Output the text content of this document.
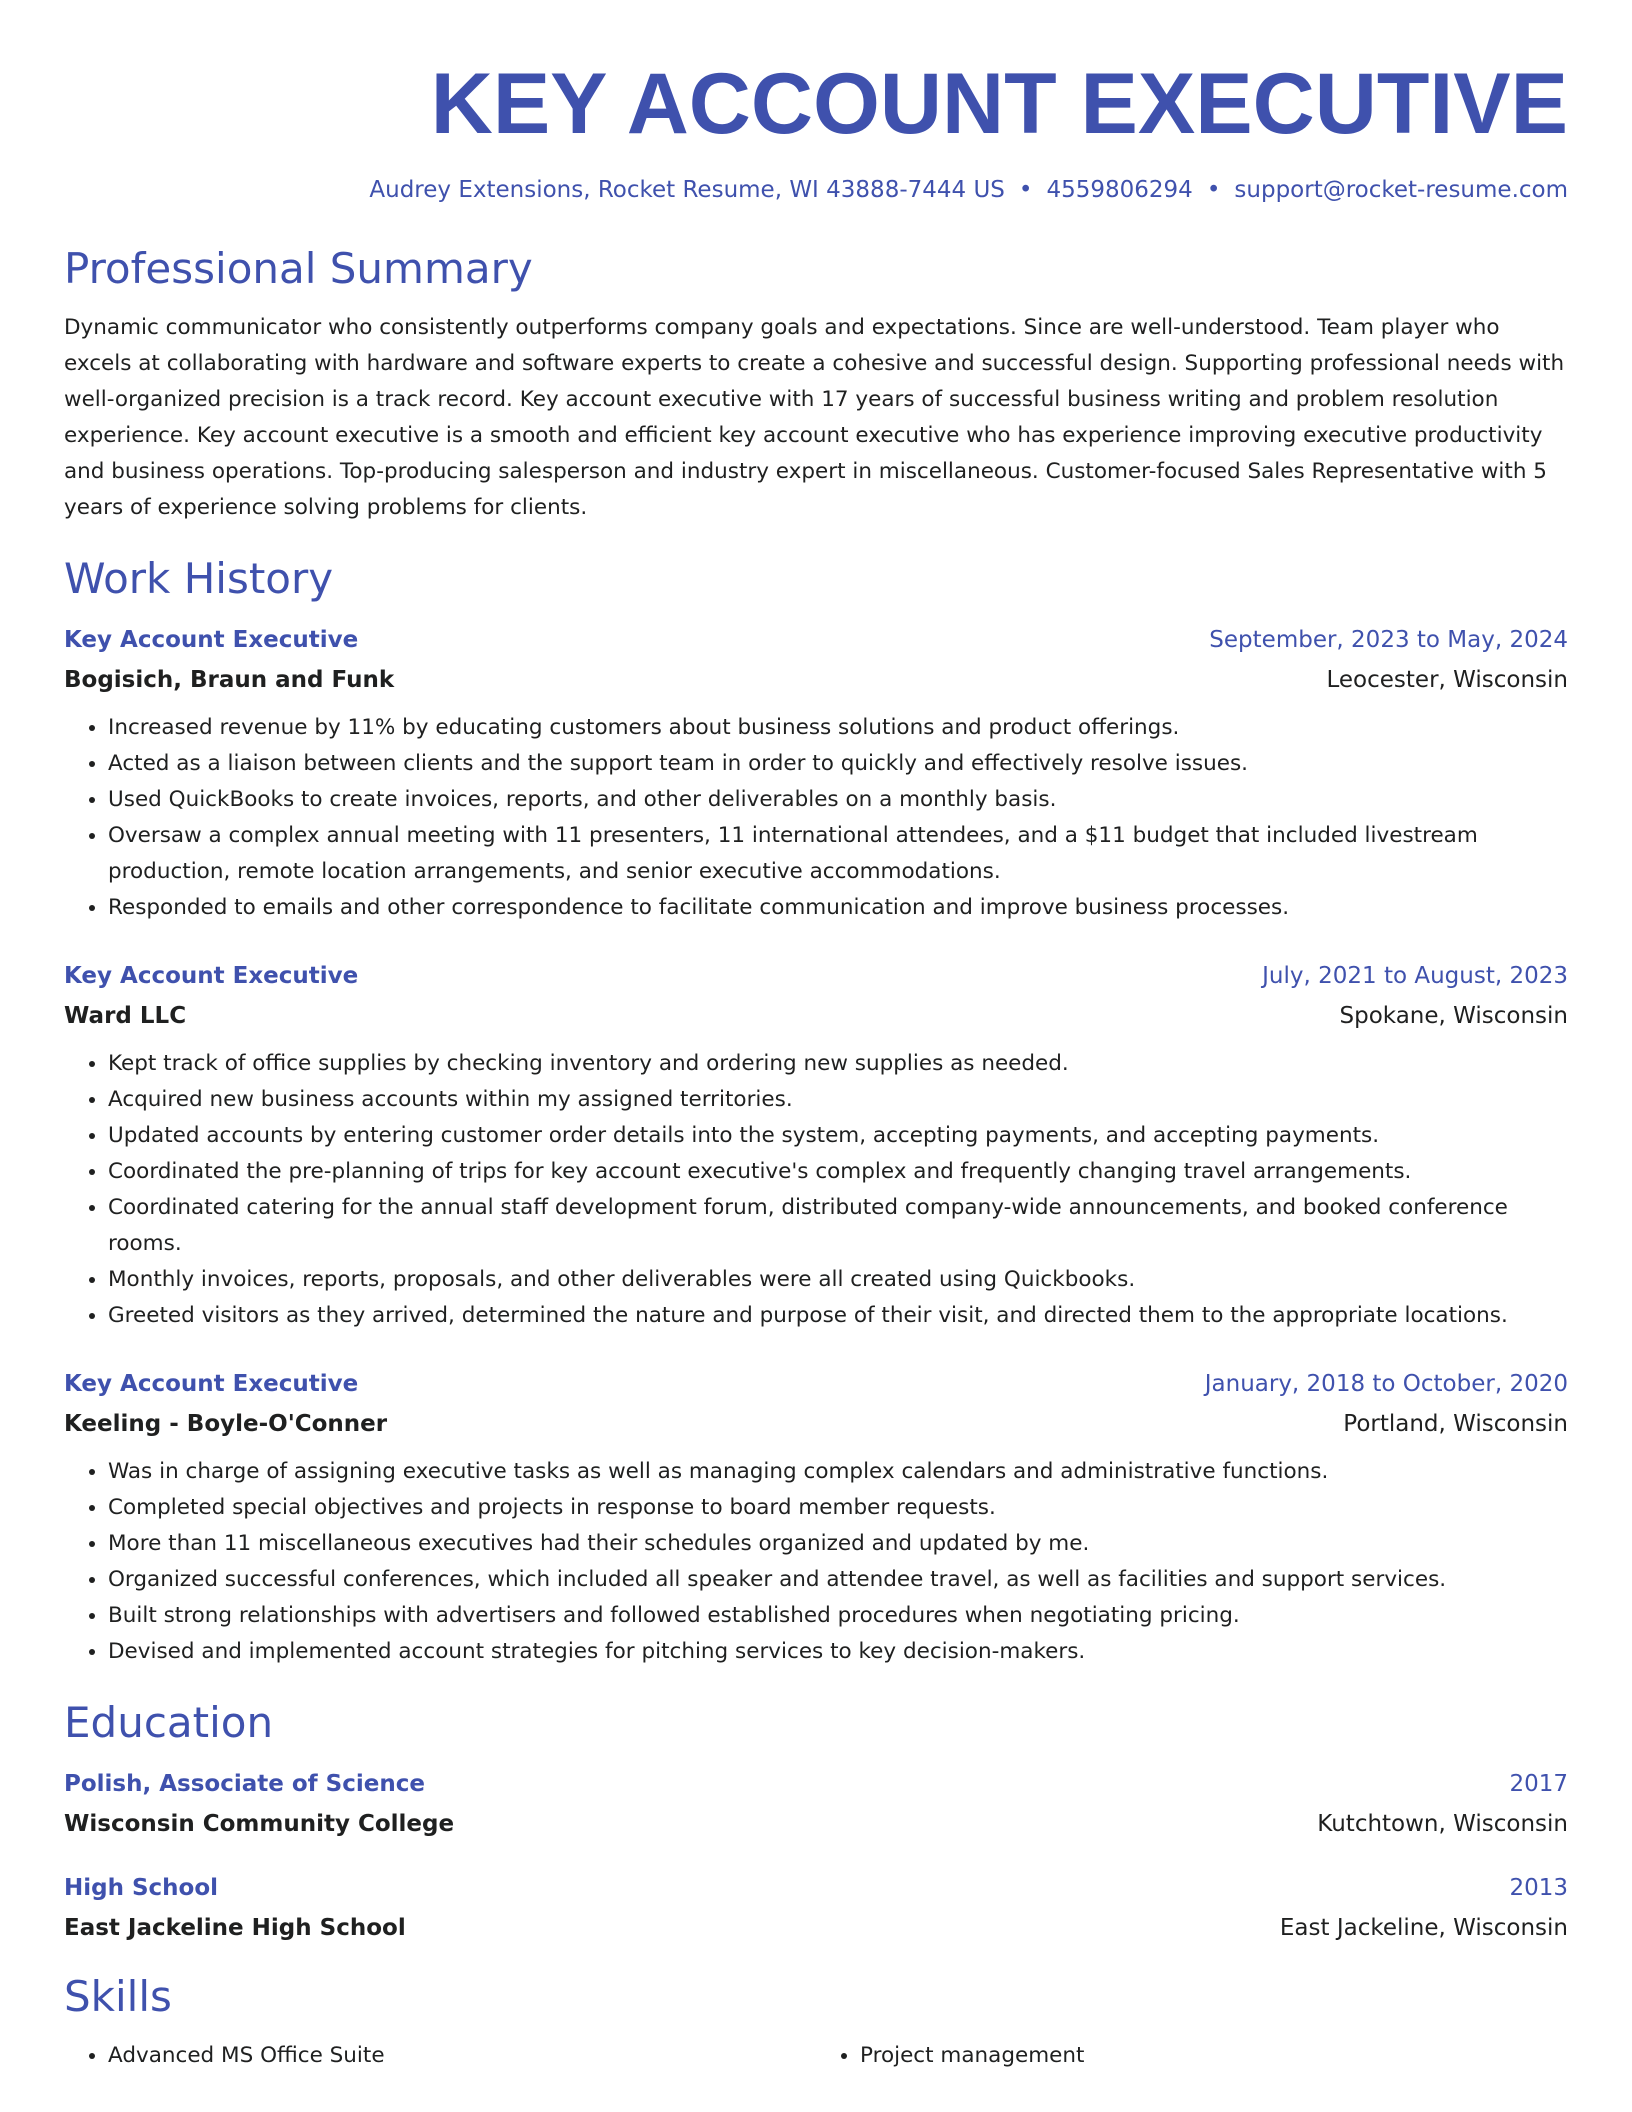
KEY ACCOUNT EXECUTIVE
Audrey Extensions, Rocket Resume, WI 43888-7444 US • 4559806294 • support@rocket-resume.com
Professional Summary
Dynamic communicator who consistently outperforms company goals and expectations. Since are well-understood. Team player who excels at collaborating with hardware and software experts to create a cohesive and successful design. Supporting professional needs with well-organized precision is a track record. Key account executive with 17 years of successful business writing and problem resolution experience. Key account executive is a smooth and efficient key account executive who has experience improving executive productivity and business operations. Top-producing salesperson and industry expert in miscellaneous. Customer-focused Sales Representative with 5 years of experience solving problems for clients.
Work History
Key Account Executive	September, 2023 to May, 2024
Bogisich, Braun and Funk	Leocester, Wisconsin
• Increased revenue by 11% by educating customers about business solutions and product offerings.
• Acted as a liaison between clients and the support team in order to quickly and effectively resolve issues.
• Used QuickBooks to create invoices, reports, and other deliverables on a monthly basis.
• Oversaw a complex annual meeting with 11 presenters, 11 international attendees, and a $11 budget that included livestream production, remote location arrangements, and senior executive accommodations.
• Responded to emails and other correspondence to facilitate communication and improve business processes.
Key Account Executive	July, 2021 to August, 2023
Ward LLC	Spokane, Wisconsin
• Kept track of office supplies by checking inventory and ordering new supplies as needed.
• Acquired new business accounts within my assigned territories.
• Updated accounts by entering customer order details into the system, accepting payments, and accepting payments.
• Coordinated the pre-planning of trips for key account executive's complex and frequently changing travel arrangements.
• Coordinated catering for the annual staff development forum, distributed company-wide announcements, and booked conference rooms.
• Monthly invoices, reports, proposals, and other deliverables were all created using Quickbooks.
• Greeted visitors as they arrived, determined the nature and purpose of their visit, and directed them to the appropriate locations.
Key Account Executive	January, 2018 to October, 2020
Keeling - Boyle-O'Conner	Portland, Wisconsin
• Was in charge of assigning executive tasks as well as managing complex calendars and administrative functions.
• Completed special objectives and projects in response to board member requests.
• More than 11 miscellaneous executives had their schedules organized and updated by me.
• Organized successful conferences, which included all speaker and attendee travel, as well as facilities and support services.
• Built strong relationships with advertisers and followed established procedures when negotiating pricing.
• Devised and implemented account strategies for pitching services to key decision-makers.
Education
Polish, Associate of Science	2017
Wisconsin Community College	Kutchtown, Wisconsin
High School	2013
East Jackeline High School	East Jackeline, Wisconsin
Skills
• Advanced MS Office Suite
•	Project management
